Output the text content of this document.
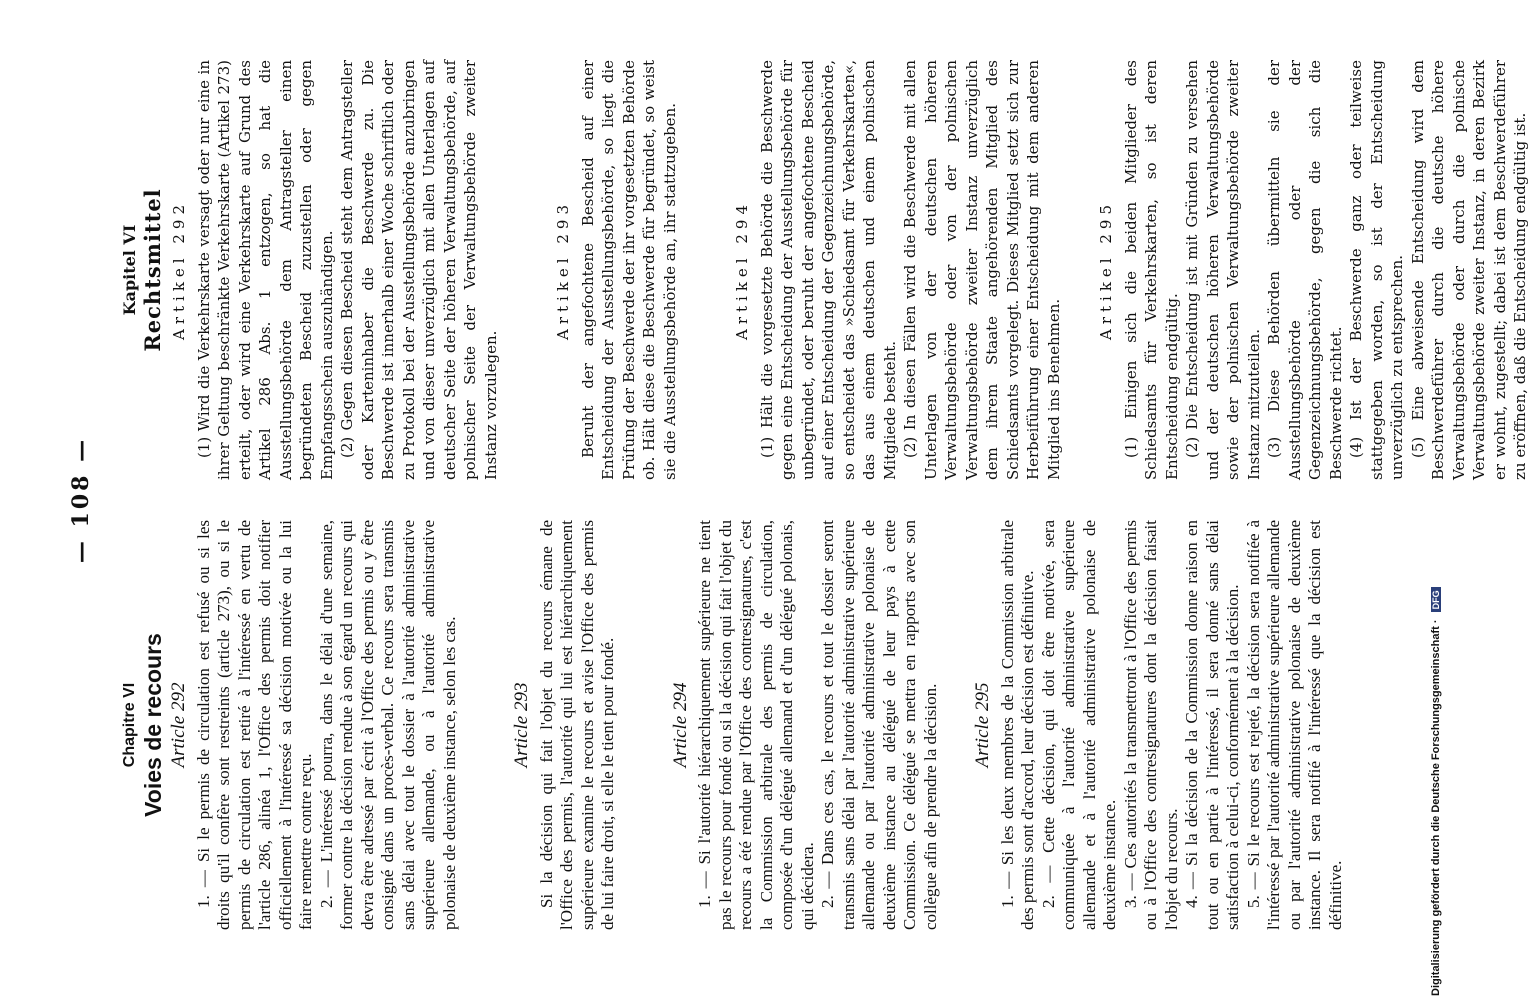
— 108 —
Chapitre VI Voies de recours Article 292 1. — Si le permis de circulation est refusé ou si les droits qu'il confère sont restreints (article 273), ou si le permis de circulation est retiré à l'intéressé en vertu de l'article 286, alinéa 1, l'Office des permis doit notifier officiellement à l'intéressé sa décision motivée ou la lui faire remettre contre reçu. 2. — L'intéressé pourra, dans le délai d'une semaine, former contre la décision rendue à son égard un recours qui devra être adressé par écrit à l'Office des permis ou y être consigné dans un procès-verbal. Ce recours sera transmis sans délai avec tout le dossier à l'autorité administrative supérieure allemande, ou à l'autorité administrative polonaise de deuxième instance, selon les cas.	Article 293 Si la décision qui fait l'objet du recours émane de l'Office des permis, l'autorité qui lui est hiérarchiquement supérieure examine le recours et avise l'Office des permis de lui faire droit, si elle le tient pour fondé.	Article 294 1. — Si l'autorité hiérarchiquement supérieure ne tient pas le recours pour fondé ou si la décision qui fait l'objet du recours a été rendue par l'Office des contresignatures, c'est la Commission arbitrale des permis de circulation, composée d'un délégué allemand et d'un délégué polonais, qui décidera. 2. — Dans ces cas, le recours et tout le dossier seront transmis sans délai par l'autorité administrative supérieure allemande ou par l'autorité administrative polonaise de deuxième instance au délégué de leur pays à cette Commission. Ce délégué se mettra en rapports avec son collègue afin de prendre la décision. Article 295 1. — Si les deux membres de la Commission arbitrale des permis sont d'accord, leur décision est définitive. 2. — Cette décision, qui doit être motivée, sera communiquée à l'autorité administrative supérieure allemande et à l'autorité administrative polonaise de deuxième instance. 3. — Ces autorités la transmettront à l'Office des permis ou à l'Office des contresignatures dont la décision faisait l'objet du recours. 4. — Si la décision de la Commission donne raison en tout ou en partie à l'intéressé, il sera donné sans délai satisfaction à celui-ci, conformément à la décision. 5. — Si le recours est rejeté, la décision sera notifiée à l'intéressé par l'autorité administrative supérieure allemande ou par l'autorité administrative polonaise de deuxième instance. Il sera notifié à l'intéressé que la décision est définitive.

Kapitel VI Rechtsmittel Artikel 292 (1) Wird die Verkehrskarte versagt oder nur eine in ihrer Geltung beschränkte Verkehrskarte (Artikel 273) erteilt, oder wird eine Verkehrskarte auf Grund des Artikel 286 Abs. 1 entzogen, so hat die Ausstellungsbehörde dem Antragsteller einen begründeten Bescheid zuzustellen oder gegen Empfangsschein auszuhändigen. (2) Gegen diesen Bescheid steht dem Antragsteller oder Karteninhaber die Beschwerde zu. Die Beschwerde ist innerhalb einer Woche schriftlich oder zu Protokoll bei der Ausstellungsbehörde anzubringen und von dieser unverzüglich mit allen Unterlagen auf deutscher Seite der höheren Verwaltungsbehörde, auf polnischer Seite der Verwaltungsbehörde zweiter Instanz vorzulegen.

Artikel 293 Beruht der angefochtene Bescheid auf einer Entscheidung der Ausstellungsbehörde, so liegt die Prüfung der Beschwerde der ihr vorgesetzten Behörde ob. Hält diese die Beschwerde für begründet, so weist sie die Ausstellungsbehörde an, ihr stattzugeben.	Artikel 294 (1) Hält die vorgesetzte Behörde die Beschwerde gegen eine Entscheidung der Ausstellungsbehörde für unbegründet, oder beruht der angefochtene Bescheid auf einer Entscheidung der Gegenzeichnungsbehörde, so entscheidet das »Schiedsamt für Verkehrskarten«, das aus einem deutschen und einem polnischen Mitgliede besteht. (2) In diesen Fällen wird die Beschwerde mit allen Unterlagen von der deutschen höheren Verwaltungsbehörde oder von der polnischen Verwaltungsbehörde zweiter Instanz unverzüglich dem ihrem Staate angehörenden Mitglied des Schiedsamts vorgelegt. Dieses Mitglied setzt sich zur Herbeiführung einer Entscheidung mit dem anderen Mitglied ins Benehmen.

Artikel 295 (1) Einigen sich die beiden Mitglieder des Schiedsamts für Verkehrskarten, so ist deren Entscheidung endgültig. (2) Die Entscheidung ist mit Gründen zu versehen und der deutschen höheren Verwaltungsbehörde sowie der polnischen Verwaltungsbehörde zweiter Instanz mitzuteilen. (3) Diese Behörden übermitteln sie der Ausstellungsbehörde oder der Gegenzeichnungsbehörde, gegen die sich die Beschwerde richtet. (4) Ist der Beschwerde ganz oder teilweise stattgegeben worden, so ist der Entscheidung unverzüglich zu entsprechen. (5) Eine abweisende Entscheidung wird dem Beschwerdeführer durch die deutsche höhere Verwaltungsbehörde oder durch die polnische Verwaltungsbehörde zweiter Instanz, in deren Bezirk er wohnt, zugestellt; dabei ist dem Beschwerdeführer zu eröffnen, daß die Entscheidung endgültig ist.

Digitalisierung gefördert durch die Deutsche Forschungsgemeinschaft · DFG
